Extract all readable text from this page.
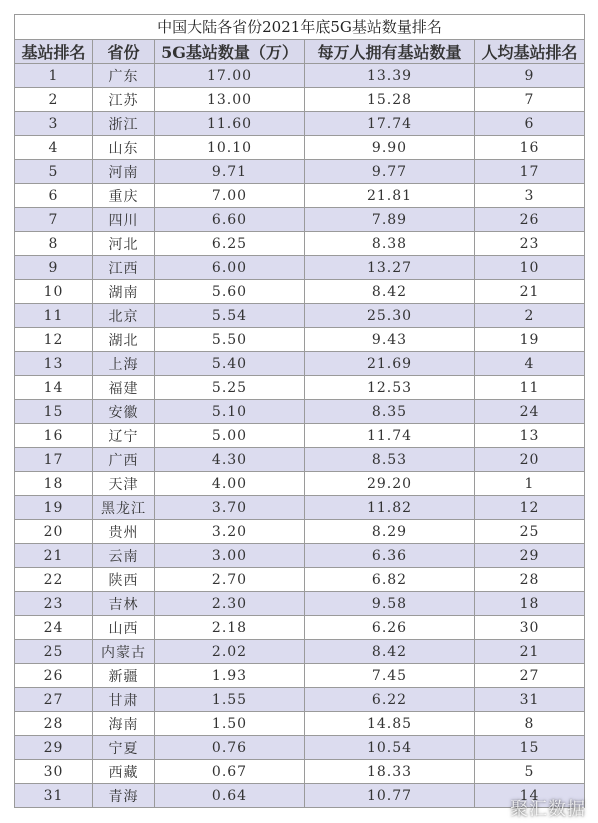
中国大陆各省份2021年底5G基站数量排名
基站排名	省份	5G基站数量（万）	每万人拥有基站数量	人均基站排名
1	广东	17.00	13.39	9
2	江苏	13.00	15.28	7
3	浙江	11.60	17.74	6
4	山东	10.10	9.90	16
5	河南	9.71	9.77	17
6	重庆	7.00	21.81	3
7	四川	6.60	7.89	26
8	河北	6.25	8.38	23
9	江西	6.00	13.27	10
10	湖南	5.60	8.42	21
11	北京	5.54	25.30	2
12	湖北	5.50	9.43	19
13	上海	5.40	21.69	4
14	福建	5.25	12.53	11
15	安徽	5.10	8.35	24
16	辽宁	5.00	11.74	13
17	广西	4.30	8.53	20
18	天津	4.00	29.20	1
19	黑龙江	3.70	11.82	12
20	贵州	3.20	8.29	25
21	云南	3.00	6.36	29
22	陕西	2.70	6.82	28
23	吉林	2.30	9.58	18
24	山西	2.18	6.26	30
25	内蒙古	2.02	8.42	21
26	新疆	1.93	7.45	27
27	甘肃	1.55	6.22	31
28	海南	1.50	14.85	8
29	宁夏	0.76	10.54	15
30	西藏	0.67	18.33	5
31	青海	0.64	10.77	14
聚汇数据
